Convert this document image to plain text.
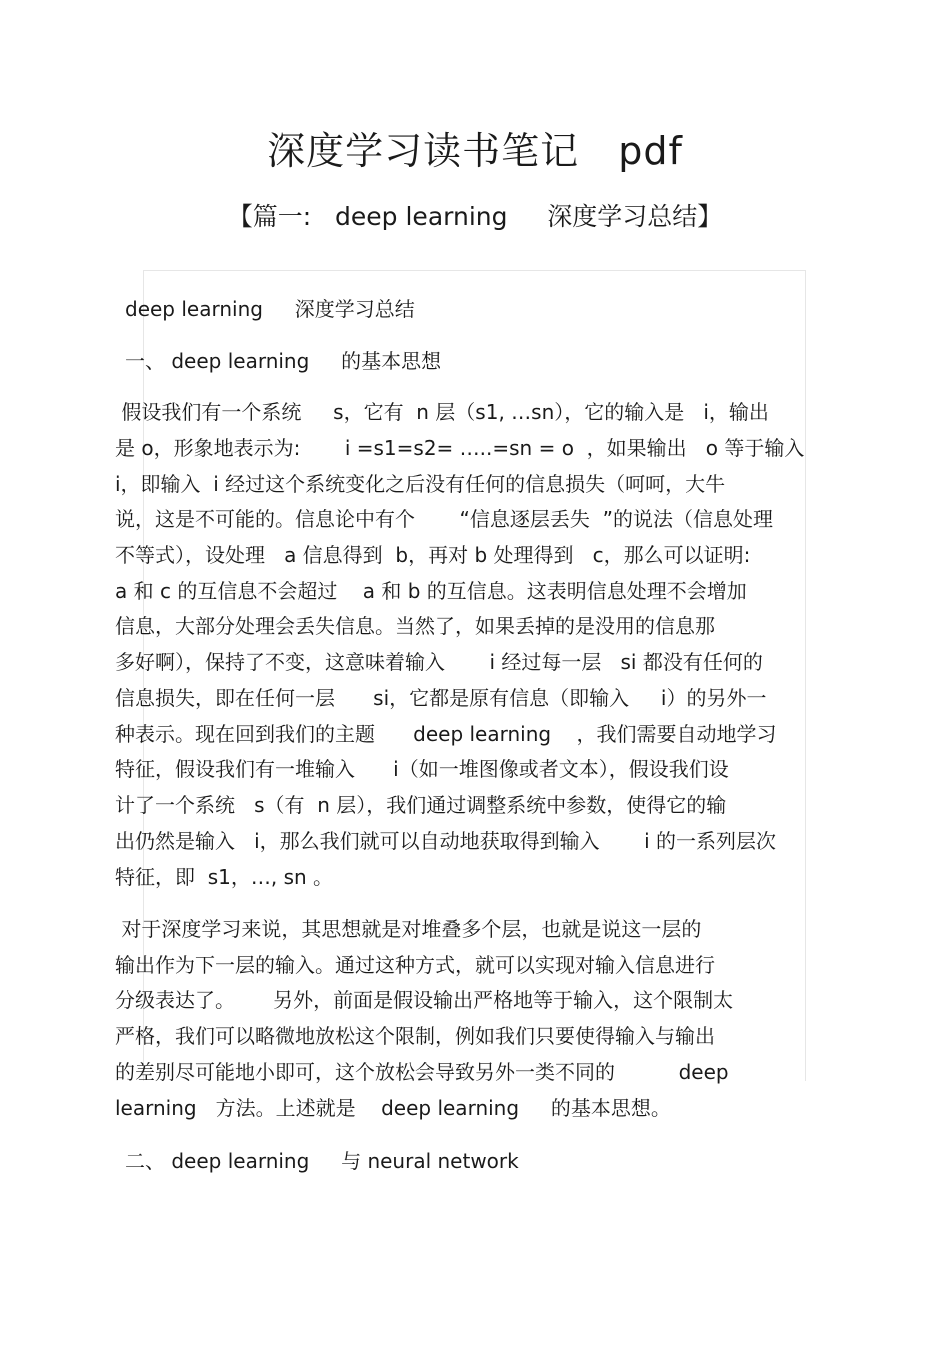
深度学习读书笔记   pdf
【篇一:   deep learning     深度学习总结】
deep learning     深度学习总结
一、 deep learning     的基本思想
假设我们有一个系统     s，它有  n 层（s1, …sn），它的输入是   i，输出
是 o，形象地表示为:       i =s1=s2= …..=sn = o  ，如果输出   o 等于输入
i，即输入  i 经过这个系统变化之后没有任何的信息损失（呵呵，大牛
说，这是不可能的。信息论中有个       “信息逐层丢失  ”的说法（信息处理
不等式），设处理   a 信息得到  b，再对 b 处理得到   c，那么可以证明:
a 和 c 的互信息不会超过    a 和 b 的互信息。这表明信息处理不会增加
信息，大部分处理会丢失信息。当然了，如果丢掉的是没用的信息那
多好啊），保持了不变，这意味着输入       i 经过每一层   si 都没有任何的
信息损失，即在任何一层      si，它都是原有信息（即输入     i）的另外一
种表示。现在回到我们的主题      deep learning    ，我们需要自动地学习
特征，假设我们有一堆输入      i（如一堆图像或者文本），假设我们设
计了一个系统   s（有  n 层），我们通过调整系统中参数，使得它的输
出仍然是输入   i，那么我们就可以自动地获取得到输入       i 的一系列层次
特征，即  s1，…, sn 。
对于深度学习来说，其思想就是对堆叠多个层，也就是说这一层的
输出作为下一层的输入。通过这种方式，就可以实现对输入信息进行
分级表达了。      另外，前面是假设输出严格地等于输入，这个限制太
严格，我们可以略微地放松这个限制，例如我们只要使得输入与输出
的差别尽可能地小即可，这个放松会导致另外一类不同的          deep
learning   方法。上述就是    deep learning     的基本思想。
二、 deep learning     与 neural network
